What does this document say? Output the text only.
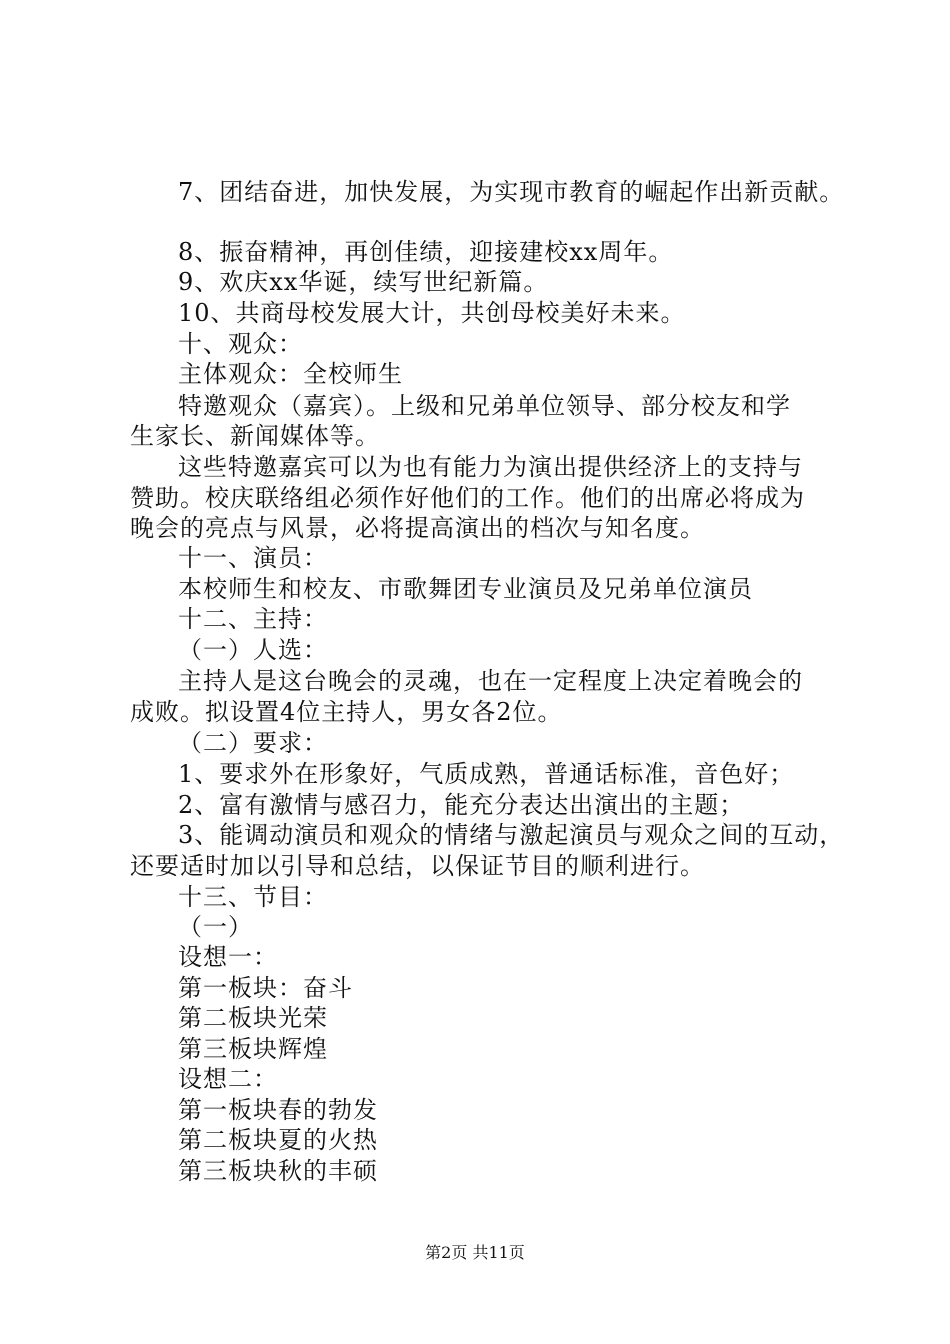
7、团结奋进，加快发展，为实现市教育的崛起作出新贡献。
8、振奋精神，再创佳绩，迎接建校xx周年。
9、欢庆xx华诞，续写世纪新篇。
10、共商母校发展大计，共创母校美好未来。
十、观众：
主体观众：全校师生
特邀观众（嘉宾）。上级和兄弟单位领导、部分校友和学
生家长、新闻媒体等。
这些特邀嘉宾可以为也有能力为演出提供经济上的支持与
赞助。校庆联络组必须作好他们的工作。他们的出席必将成为
晚会的亮点与风景，必将提高演出的档次与知名度。
十一、演员：
本校师生和校友、市歌舞团专业演员及兄弟单位演员
十二、主持：
（一）人选：
主持人是这台晚会的灵魂，也在一定程度上决定着晚会的
成败。拟设置4位主持人，男女各2位。
（二）要求：
1、要求外在形象好，气质成熟，普通话标准，音色好；
2、富有激情与感召力，能充分表达出演出的主题；
3、能调动演员和观众的情绪与激起演员与观众之间的互动，
还要适时加以引导和总结，以保证节目的顺利进行。
十三、节目：
（一）
设想一：
第一板块：奋斗
第二板块光荣
第三板块辉煌
设想二：
第一板块春的勃发
第二板块夏的火热
第三板块秋的丰硕
第2页 共11页
